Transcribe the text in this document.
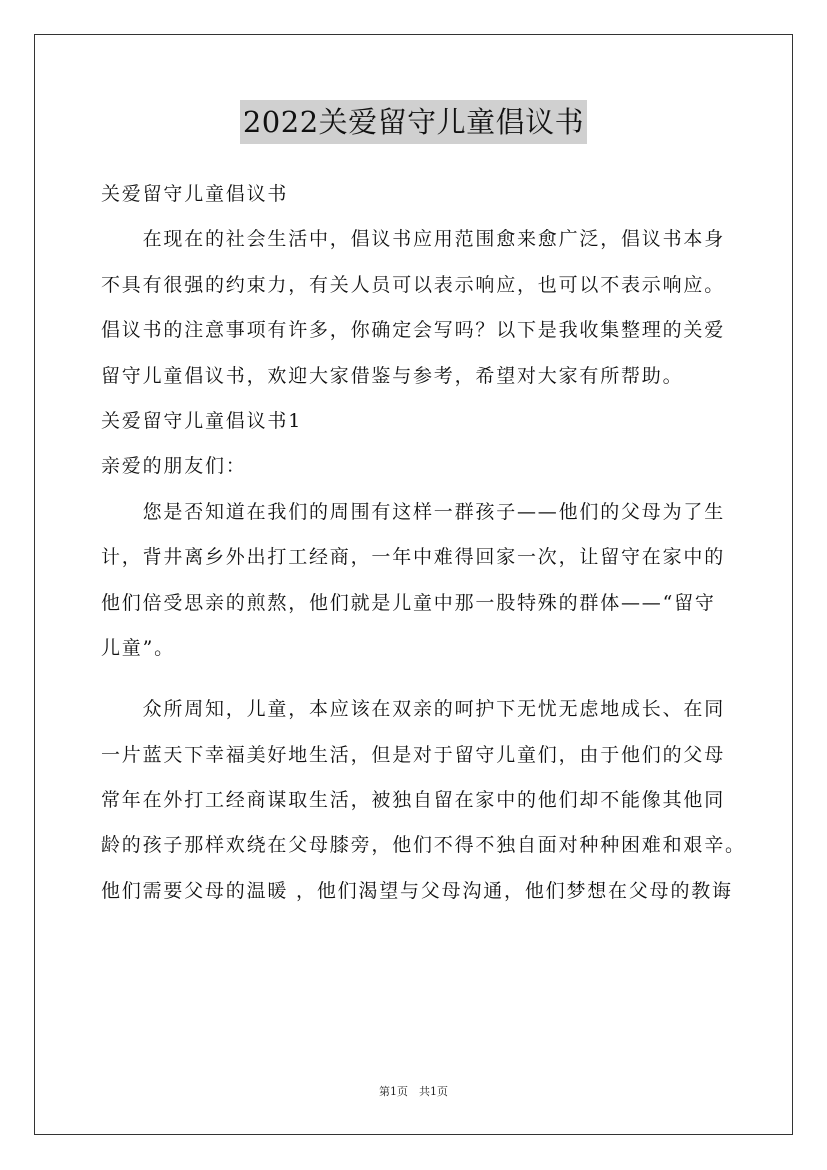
2022关爱留守儿童倡议书
关爱留守儿童倡议书
　　在现在的社会生活中，倡议书应用范围愈来愈广泛，倡议书本身
不具有很强的约束力，有关人员可以表示响应，也可以不表示响应。
倡议书的注意事项有许多，你确定会写吗？以下是我收集整理的关爱
留守儿童倡议书，欢迎大家借鉴与参考，希望对大家有所帮助。
关爱留守儿童倡议书1
亲爱的朋友们：
　　您是否知道在我们的周围有这样一群孩子——他们的父母为了生
计，背井离乡外出打工经商，一年中难得回家一次，让留守在家中的
他们倍受思亲的煎熬，他们就是儿童中那一股特殊的群体——“留守
儿童”。
　　众所周知，儿童，本应该在双亲的呵护下无忧无虑地成长、在同
一片蓝天下幸福美好地生活，但是对于留守儿童们，由于他们的父母
常年在外打工经商谋取生活，被独自留在家中的他们却不能像其他同
龄的孩子那样欢绕在父母膝旁，他们不得不独自面对种种困难和艰辛。
他们需要父母的温暖 ，他们渴望与父母沟通，他们梦想在父母的教诲
第1页　共1页
